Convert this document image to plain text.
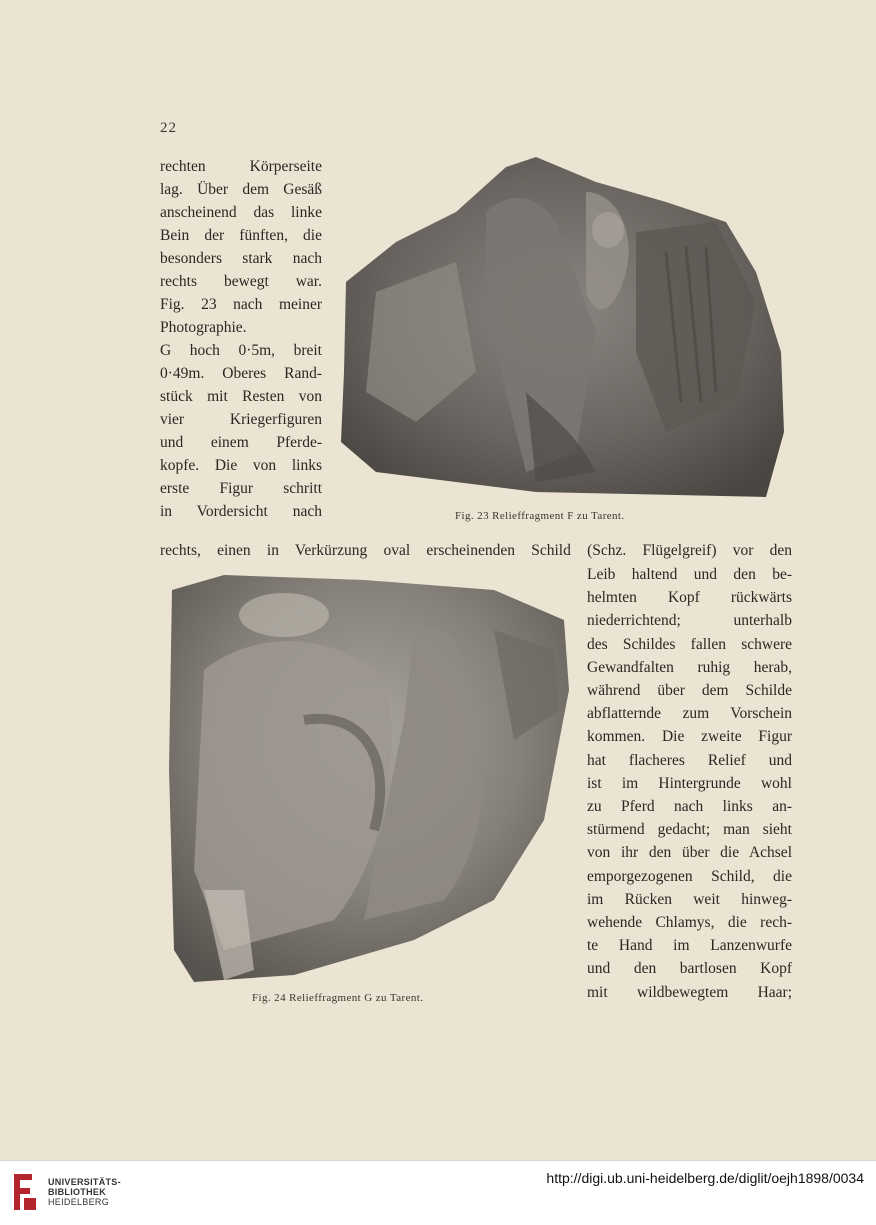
22
rechten Körperseite
lag. Über dem Gesäß
anscheinend das linke
Bein der fünften, die
besonders stark nach
rechts bewegt war.
Fig. 23 nach meiner
Photographie.
G hoch 0·5m, breit
0·49m. Oberes Rand-
stück mit Resten von
vier Kriegerfiguren
und einem Pferde-
kopfe. Die von links
erste Figur schritt
in Vordersicht nach
rechts, einen in Verkürzung oval erscheinenden Schild (Schz. Flügelgreif) vor den
Leib haltend und den be-
helmten Kopf rückwärts
niederrichtend; unterhalb
des Schildes fallen schwere
Gewandfalten ruhig herab,
während über dem Schilde
abflatternde zum Vorschein
kommen. Die zweite Figur
hat flacheres Relief und
ist im Hintergrunde wohl
zu Pferd nach links an-
stürmend gedacht; man sieht
von ihr den über die Achsel
emporgezogenen Schild, die
im Rücken weit hinweg-
wehende Chlamys, die rech-
te Hand im Lanzenwurfe
und den bartlosen Kopf
mit wildbewegtem Haar;
Fig. 23 Relieffragment F zu Tarent.
Fig. 24 Relieffragment G zu Tarent.
UNIVERSITÄTS-
BIBLIOTHEK
HEIDELBERG
http://digi.ub.uni-heidelberg.de/diglit/oejh1898/0034
